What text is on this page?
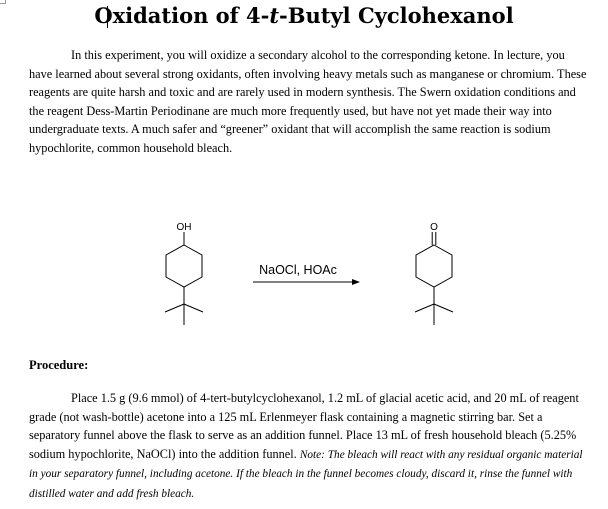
Oxidation of 4-t-Butyl Cyclohexanol

In this experiment, you will oxidize a secondary alcohol to the corresponding ketone. In lecture, you have learned about several strong oxidants, often involving heavy metals such as manganese or chromium. These reagents are quite harsh and toxic and are rarely used in modern synthesis. The Swern oxidation conditions and the reagent Dess-Martin Periodinane are much more frequently used, but have not yet made their way into undergraduate texts. A much safer and “greener” oxidant that will accomplish the same reaction is sodium hypochlorite, common household bleach.

OH
NaOCl, HOAc
O
Procedure:

Place 1.5 g (9.6 mmol) of 4-tert-butylcyclohexanol, 1.2 mL of glacial acetic acid, and 20 mL of reagent grade (not wash-bottle) acetone into a 125 mL Erlenmeyer flask containing a magnetic stirring bar. Set a separatory funnel above the flask to serve as an addition funnel. Place 13 mL of fresh household bleach (5.25% sodium hypochlorite, NaOCl) into the addition funnel. Note: The bleach will react with any residual organic material in your separatory funnel, including acetone. If the bleach in the funnel becomes cloudy, discard it, rinse the funnel with distilled water and add fresh bleach.
